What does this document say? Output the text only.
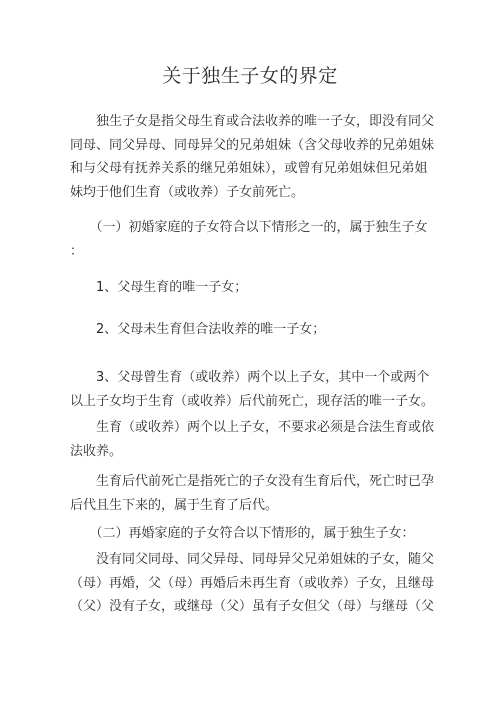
关于独生子女的界定
　　独生子女是指父母生育或合法收养的唯一子女，即没有同父
同母、同父异母、同母异父的兄弟姐妹（含父母收养的兄弟姐妹
和与父母有抚养关系的继兄弟姐妹），或曾有兄弟姐妹但兄弟姐
妹均于他们生育（或收养）子女前死亡。
　　（一）初婚家庭的子女符合以下情形之一的，属于独生子女
：
　　1、父母生育的唯一子女；
　　2、父母未生育但合法收养的唯一子女；
　　3、父母曾生育（或收养）两个以上子女，其中一个或两个
以上子女均于生育（或收养）后代前死亡，现存活的唯一子女。
　　生育（或收养）两个以上子女，不要求必须是合法生育或依
法收养。
　　生育后代前死亡是指死亡的子女没有生育后代，死亡时已孕
后代且生下来的，属于生育了后代。
　　（二）再婚家庭的子女符合以下情形的，属于独生子女：
　　没有同父同母、同父异母、同母异父兄弟姐妹的子女，随父
（母）再婚，父（母）再婚后未再生育（或收养）子女，且继母
（父）没有子女，或继母（父）虽有子女但父（母）与继母（父
